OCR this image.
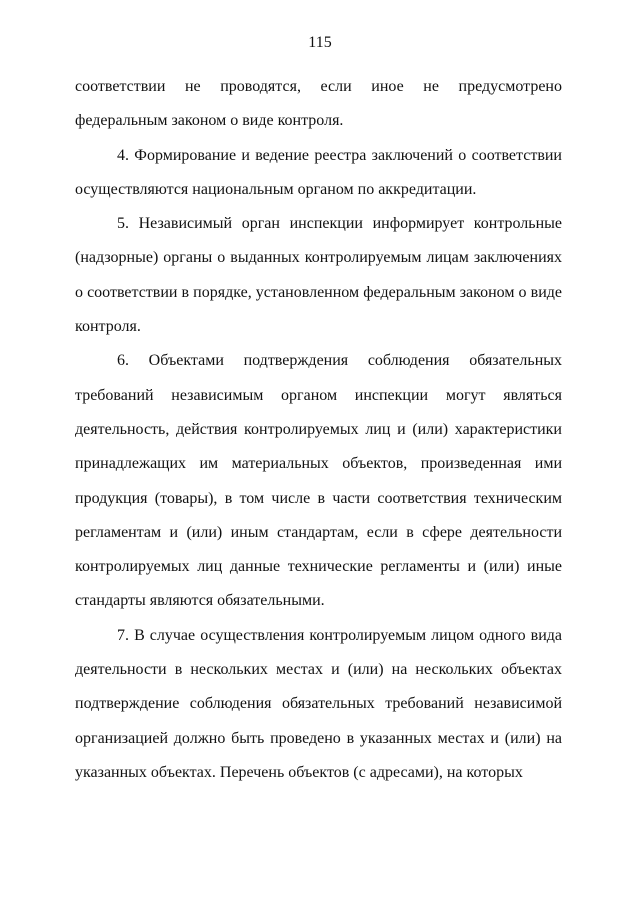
115

соответствии не проводятся, если иное не предусмотрено федеральным законом о виде контроля.

4. Формирование и ведение реестра заключений о соответствии осуществляются национальным органом по аккредитации.

5. Независимый орган инспекции информирует контрольные (надзорные) органы о выданных контролируемым лицам заключениях о соответствии в порядке, установленном федеральным законом о виде контроля.

6. Объектами подтверждения соблюдения обязательных требований независимым органом инспекции могут являться деятельность, действия контролируемых лиц и (или) характеристики принадлежащих им материальных объектов, произведенная ими продукция (товары), в том числе в части соответствия техническим регламентам и (или) иным стандартам, если в сфере деятельности контролируемых лиц данные технические регламенты и (или) иные стандарты являются обязательными.

7. В случае осуществления контролируемым лицом одного вида деятельности в нескольких местах и (или) на нескольких объектах подтверждение соблюдения обязательных требований независимой организацией должно быть проведено в указанных местах и (или) на указанных объектах. Перечень объектов (с адресами), на которых
